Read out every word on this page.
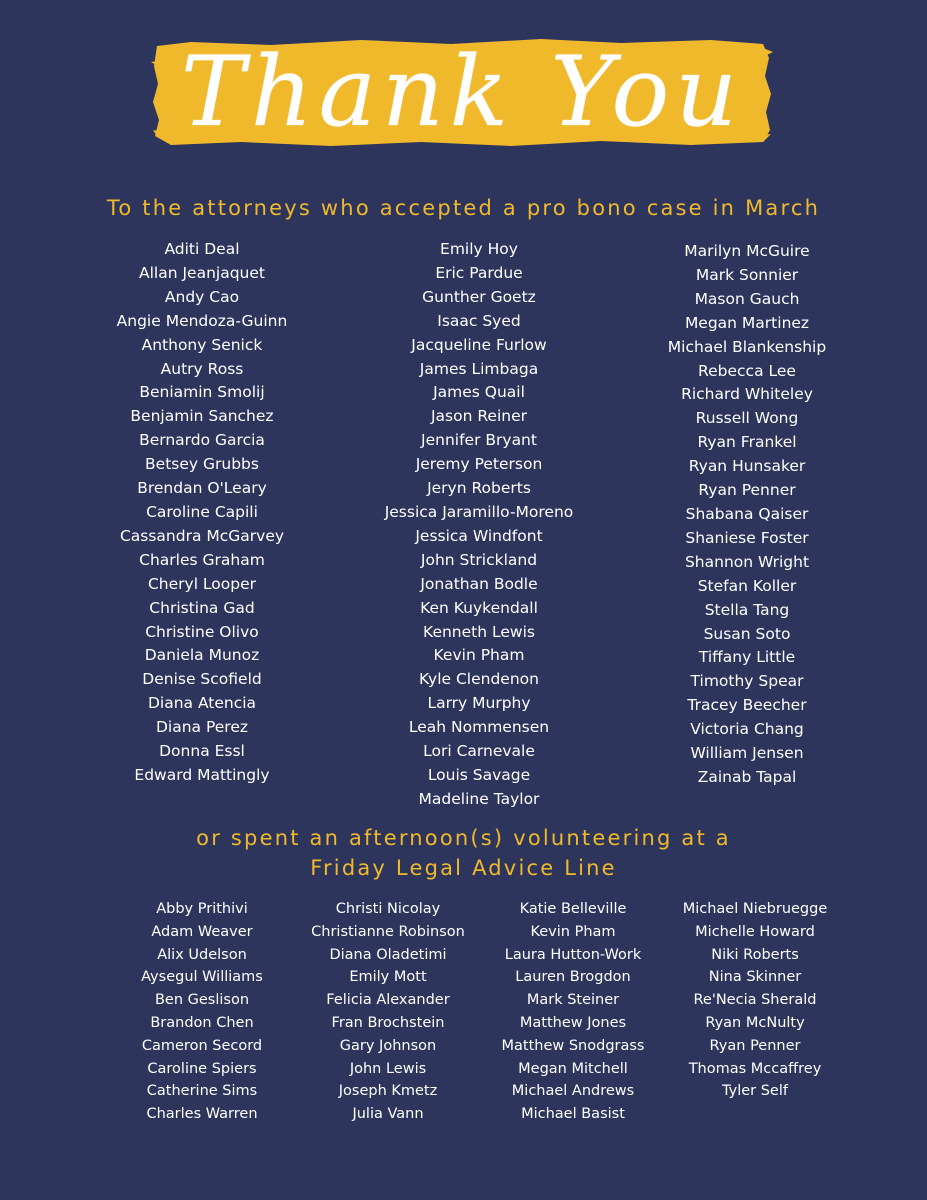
Thank You
To the attorneys who accepted a pro bono case in March
Aditi Deal
Allan Jeanjaquet
Andy Cao
Angie Mendoza-Guinn
Anthony Senick
Autry Ross
Beniamin Smolij
Benjamin Sanchez
Bernardo Garcia
Betsey Grubbs
Brendan O'Leary
Caroline Capili
Cassandra McGarvey
Charles Graham
Cheryl Looper
Christina Gad
Christine Olivo
Daniela Munoz
Denise Scofield
Diana Atencia
Diana Perez
Donna Essl
Edward Mattingly
Emily Hoy
Eric Pardue
Gunther Goetz
Isaac Syed
Jacqueline Furlow
James Limbaga
James Quail
Jason Reiner
Jennifer Bryant
Jeremy Peterson
Jeryn Roberts
Jessica Jaramillo-Moreno
Jessica Windfont
John Strickland
Jonathan Bodle
Ken Kuykendall
Kenneth Lewis
Kevin Pham
Kyle Clendenon
Larry Murphy
Leah Nommensen
Lori Carnevale
Louis Savage
Madeline Taylor
Marilyn McGuire
Mark Sonnier
Mason Gauch
Megan Martinez
Michael Blankenship
Rebecca Lee
Richard Whiteley
Russell Wong
Ryan Frankel
Ryan Hunsaker
Ryan Penner
Shabana Qaiser
Shaniese Foster
Shannon Wright
Stefan Koller
Stella Tang
Susan Soto
Tiffany Little
Timothy Spear
Tracey Beecher
Victoria Chang
William Jensen
Zainab Tapal
or spent an afternoon(s) volunteering at a
Friday Legal Advice Line
Abby Prithivi
Adam Weaver
Alix Udelson
Aysegul Williams
Ben Geslison
Brandon Chen
Cameron Secord
Caroline Spiers
Catherine Sims
Charles Warren
Christi Nicolay
Christianne Robinson
Diana Oladetimi
Emily Mott
Felicia Alexander
Fran Brochstein
Gary Johnson
John Lewis
Joseph Kmetz
Julia Vann
Katie Belleville
Kevin Pham
Laura Hutton-Work
Lauren Brogdon
Mark Steiner
Matthew Jones
Matthew Snodgrass
Megan Mitchell
Michael Andrews
Michael Basist
Michael Niebruegge
Michelle Howard
Niki Roberts
Nina Skinner
Re'Necia Sherald
Ryan McNulty
Ryan Penner
Thomas Mccaffrey
Tyler Self
